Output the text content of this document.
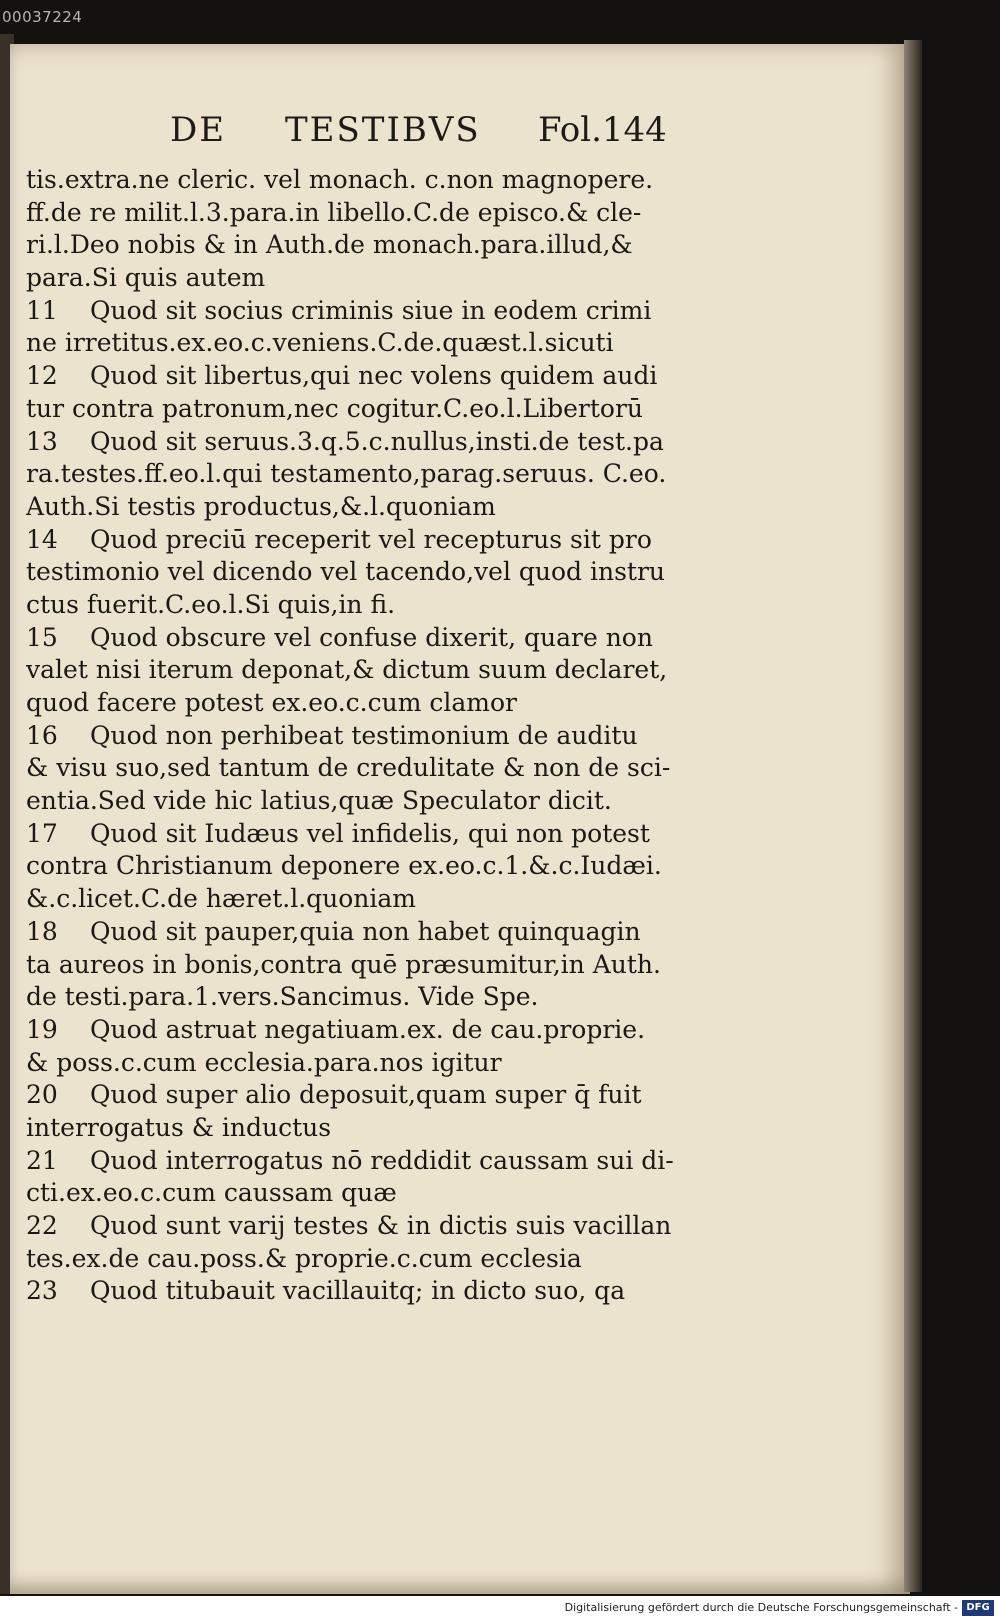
00037224
DE TESTIBVS Fol.144
tis.extra.ne cleric. vel monach. c.non magnopere.
ff.de re milit.l.3.para.in libello.C.de episco.& cle-
ri.l.Deo nobis & in Auth.de monach.para.illud,&
para.Si quis autem
11 Quod sit socius criminis siue in eodem crimi
ne irretitus.ex.eo.c.veniens.C.de.quæst.l.sicuti
12 Quod sit libertus,qui nec volens quidem audi
tur contra patronum,nec cogitur.C.eo.l.Libertorū
13 Quod sit seruus.3.q.5.c.nullus,insti.de test.pa
ra.testes.ff.eo.l.qui testamento,parag.seruus. C.eo.
Auth.Si testis productus,&.l.quoniam
14 Quod preciū receperit vel recepturus sit pro
testimonio vel dicendo vel tacendo,vel quod instru
ctus fuerit.C.eo.l.Si quis,in fi.
15 Quod obscure vel confuse dixerit, quare non
valet nisi iterum deponat,& dictum suum declaret,
quod facere potest ex.eo.c.cum clamor
16 Quod non perhibeat testimonium de auditu
& visu suo,sed tantum de credulitate & non de sci-
entia.Sed vide hic latius,quæ Speculator dicit.
17 Quod sit Iudæus vel infidelis, qui non potest
contra Christianum deponere ex.eo.c.1.&.c.Iudæi.
&.c.licet.C.de hæret.l.quoniam
18 Quod sit pauper,quia non habet quinquagin
ta aureos in bonis,contra quē præsumitur,in Auth.
de testi.para.1.vers.Sancimus. Vide Spe.
19 Quod astruat negatiuam.ex. de cau.proprie.
& poss.c.cum ecclesia.para.nos igitur
20 Quod super alio deposuit,quam super q̄ fuit
interrogatus & inductus
21 Quod interrogatus nō reddidit caussam sui di-
cti.ex.eo.c.cum caussam quæ
22 Quod sunt varij testes & in dictis suis vacillan
tes.ex.de cau.poss.& proprie.c.cum ecclesia
23 Quod titubauit vacillauitq; in dicto suo, qa
Digitalisierung gefördert durch die Deutsche Forschungsgemeinschaft - DFG
